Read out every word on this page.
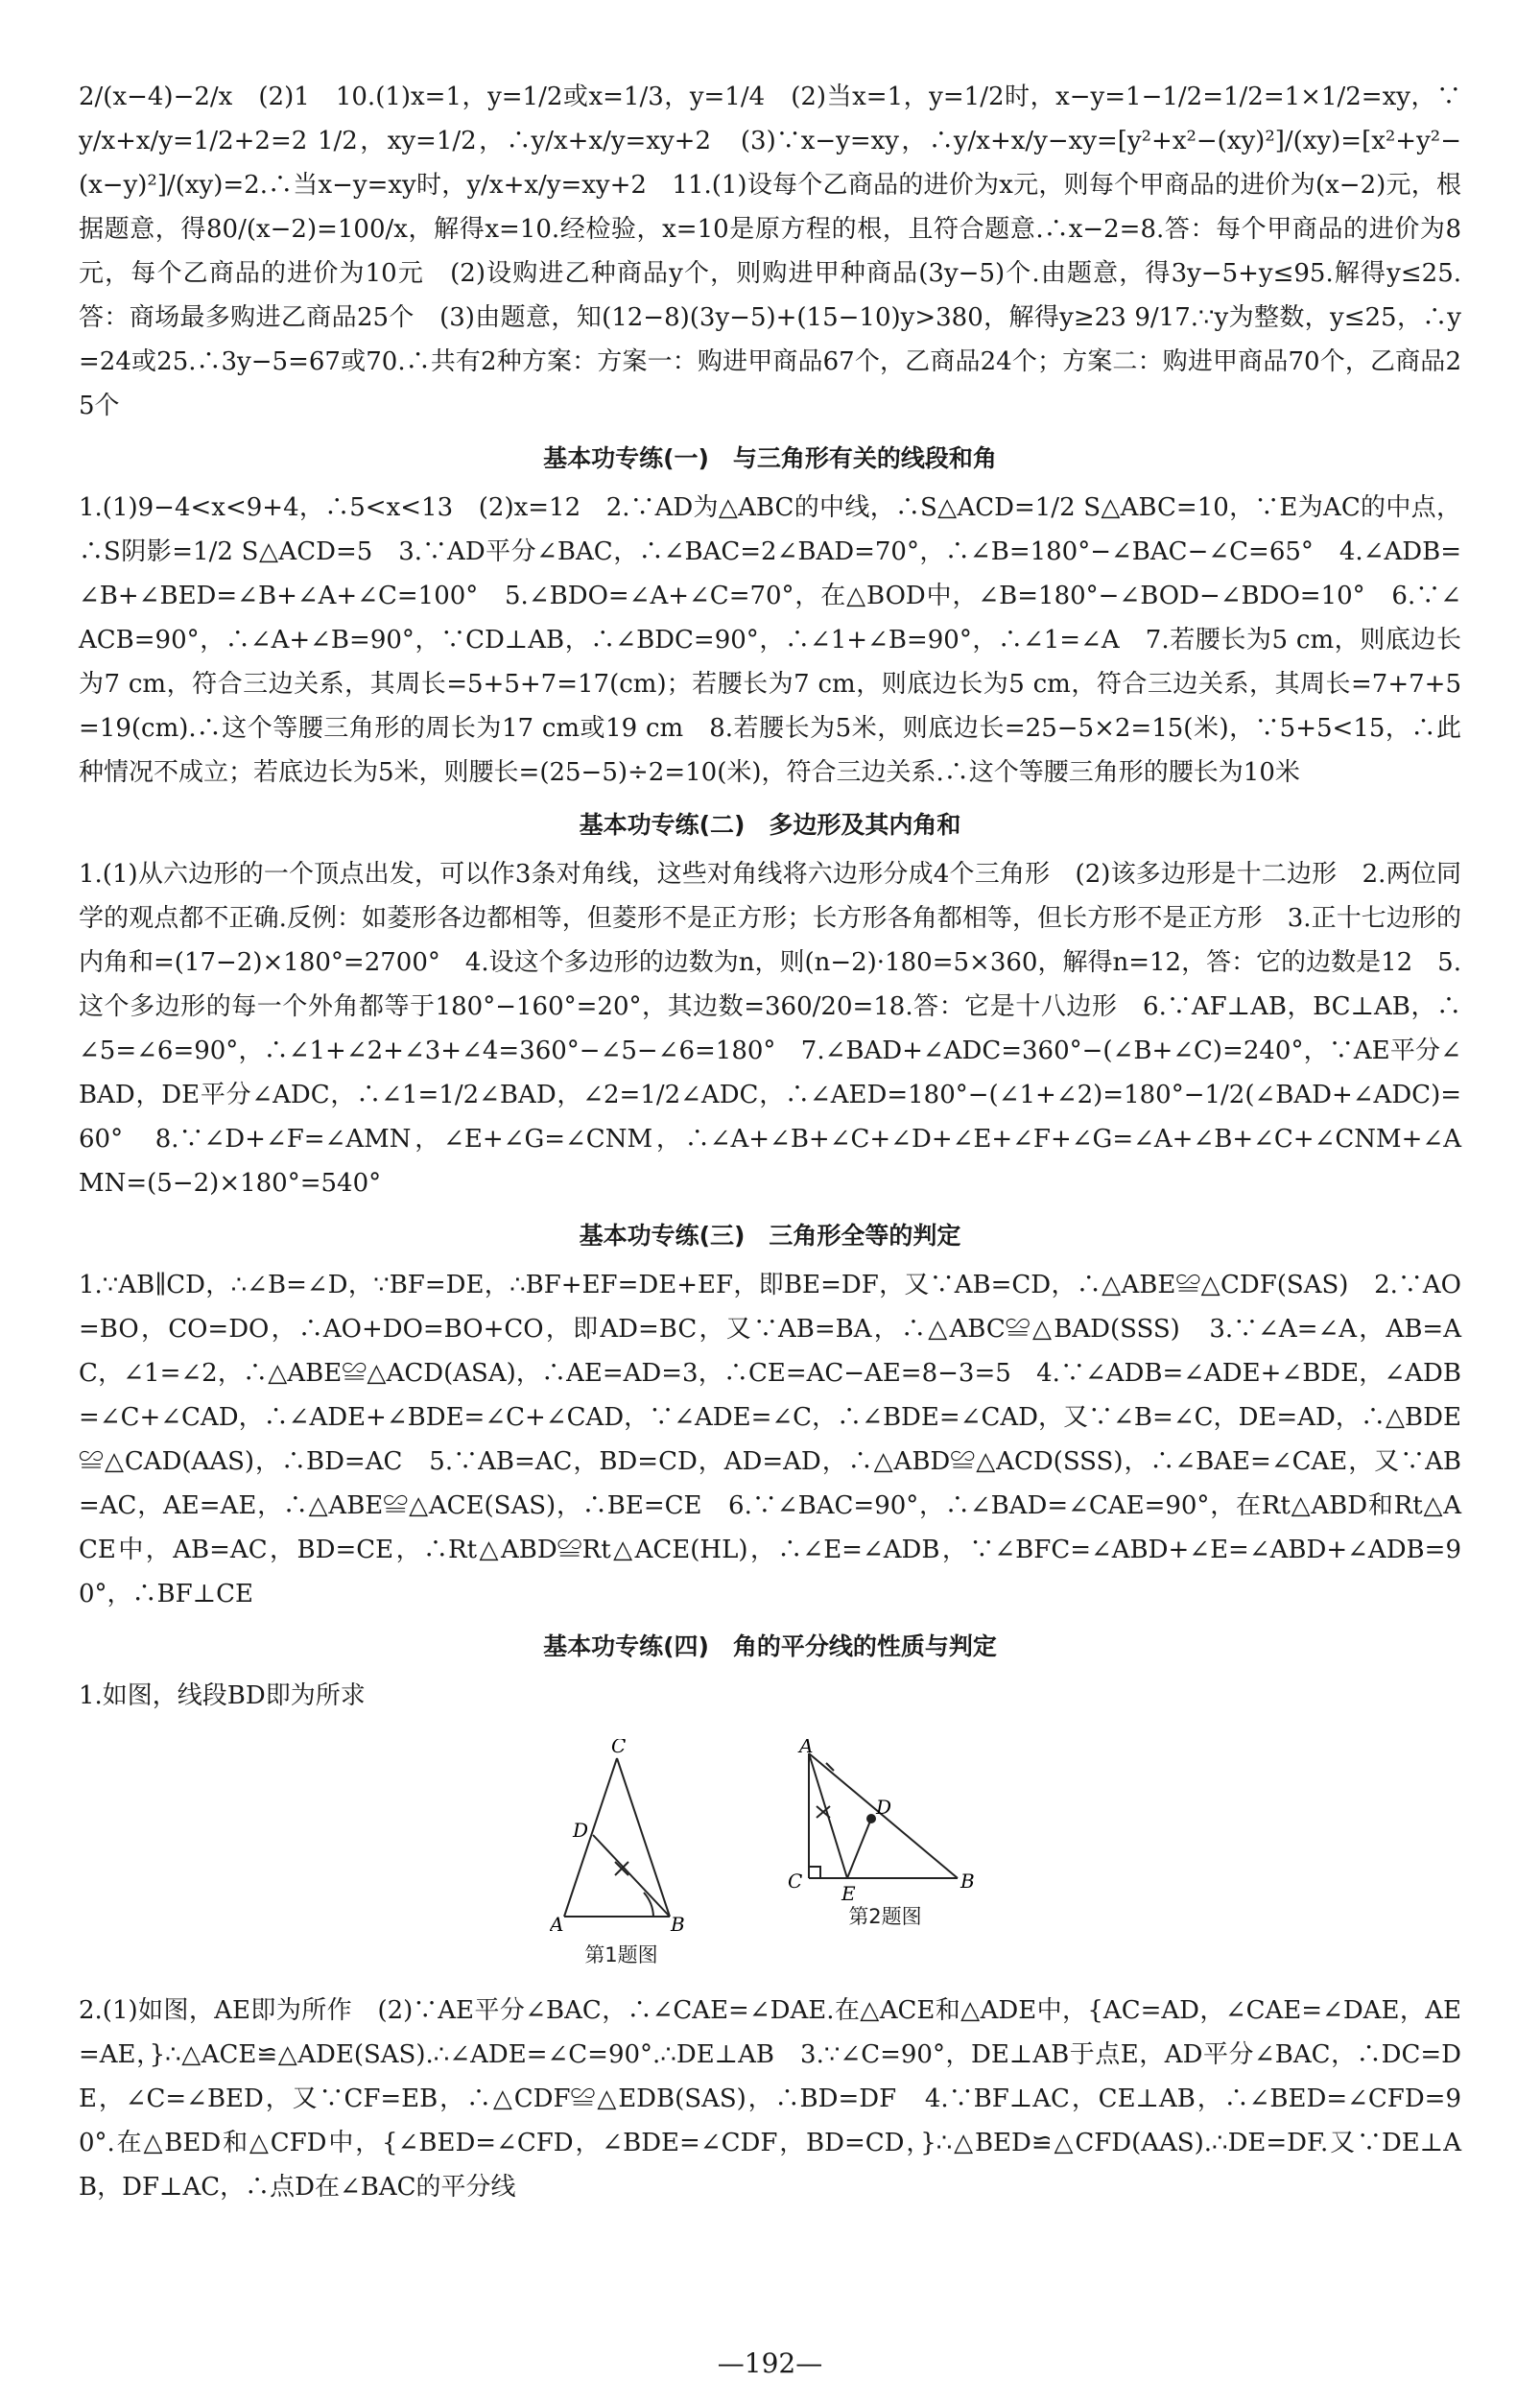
2/(x−4)−2/x　(2)1　10.(1)x=1，y=1/2或x=1/3，y=1/4　(2)当x=1，y=1/2时，x−y=1−1/2=1/2=1×1/2=xy，∵y/x+x/y=1/2+2=2 1/2，xy=1/2，∴y/x+x/y=xy+2　(3)∵x−y=xy，∴y/x+x/y−xy=[y²+x²−(xy)²]/(xy)=[x²+y²−(x−y)²]/(xy)=2.∴当x−y=xy时，y/x+x/y=xy+2　11.(1)设每个乙商品的进价为x元，则每个甲商品的进价为(x−2)元，根据题意，得80/(x−2)=100/x，解得x=10.经检验，x=10是原方程的根，且符合题意.∴x−2=8.答：每个甲商品的进价为8元，每个乙商品的进价为10元　(2)设购进乙种商品y个，则购进甲种商品(3y−5)个.由题意，得3y−5+y≤95.解得y≤25.答：商场最多购进乙商品25个　(3)由题意，知(12−8)(3y−5)+(15−10)y>380，解得y≥23 9/17.∵y为整数，y≤25，∴y=24或25.∴3y−5=67或70.∴共有2种方案：方案一：购进甲商品67个，乙商品24个；方案二：购进甲商品70个，乙商品25个

基本功专练(一)　与三角形有关的线段和角

1.(1)9−4<x<9+4，∴5<x<13　(2)x=12　2.∵AD为△ABC的中线，∴S△ACD=1/2 S△ABC=10，∵E为AC的中点，∴S阴影=1/2 S△ACD=5　3.∵AD平分∠BAC，∴∠BAC=2∠BAD=70°，∴∠B=180°−∠BAC−∠C=65°　4.∠ADB=∠B+∠BED=∠B+∠A+∠C=100°　5.∠BDO=∠A+∠C=70°，在△BOD中，∠B=180°−∠BOD−∠BDO=10°　6.∵∠ACB=90°，∴∠A+∠B=90°，∵CD⊥AB，∴∠BDC=90°，∴∠1+∠B=90°，∴∠1=∠A　7.若腰长为5 cm，则底边长为7 cm，符合三边关系，其周长=5+5+7=17(cm)；若腰长为7 cm，则底边长为5 cm，符合三边关系，其周长=7+7+5=19(cm).∴这个等腰三角形的周长为17 cm或19 cm　8.若腰长为5米，则底边长=25−5×2=15(米)，∵5+5<15，∴此种情况不成立；若底边长为5米，则腰长=(25−5)÷2=10(米)，符合三边关系.∴这个等腰三角形的腰长为10米

基本功专练(二)　多边形及其内角和

1.(1)从六边形的一个顶点出发，可以作3条对角线，这些对角线将六边形分成4个三角形　(2)该多边形是十二边形　2.两位同学的观点都不正确.反例：如菱形各边都相等，但菱形不是正方形；长方形各角都相等，但长方形不是正方形　3.正十七边形的内角和=(17−2)×180°=2700°　4.设这个多边形的边数为n，则(n−2)·180=5×360，解得n=12，答：它的边数是12　5.这个多边形的每一个外角都等于180°−160°=20°，其边数=360/20=18.答：它是十八边形　6.∵AF⊥AB，BC⊥AB，∴∠5=∠6=90°，∴∠1+∠2+∠3+∠4=360°−∠5−∠6=180°　7.∠BAD+∠ADC=360°−(∠B+∠C)=240°，∵AE平分∠BAD，DE平分∠ADC，∴∠1=1/2∠BAD，∠2=1/2∠ADC，∴∠AED=180°−(∠1+∠2)=180°−1/2(∠BAD+∠ADC)=60°　8.∵∠D+∠F=∠AMN，∠E+∠G=∠CNM，∴∠A+∠B+∠C+∠D+∠E+∠F+∠G=∠A+∠B+∠C+∠CNM+∠AMN=(5−2)×180°=540°

基本功专练(三)　三角形全等的判定

1.∵AB∥CD，∴∠B=∠D，∵BF=DE，∴BF+EF=DE+EF，即BE=DF，又∵AB=CD，∴△ABE≌△CDF(SAS)　2.∵AO=BO，CO=DO，∴AO+DO=BO+CO，即AD=BC，又∵AB=BA，∴△ABC≌△BAD(SSS)　3.∵∠A=∠A，AB=AC，∠1=∠2，∴△ABE≌△ACD(ASA)，∴AE=AD=3，∴CE=AC−AE=8−3=5　4.∵∠ADB=∠ADE+∠BDE，∠ADB=∠C+∠CAD，∴∠ADE+∠BDE=∠C+∠CAD，∵∠ADE=∠C，∴∠BDE=∠CAD，又∵∠B=∠C，DE=AD，∴△BDE≌△CAD(AAS)，∴BD=AC　5.∵AB=AC，BD=CD，AD=AD，∴△ABD≌△ACD(SSS)，∴∠BAE=∠CAE，又∵AB=AC，AE=AE，∴△ABE≌△ACE(SAS)，∴BE=CE　6.∵∠BAC=90°，∴∠BAD=∠CAE=90°，在Rt△ABD和Rt△ACE中，AB=AC，BD=CE，∴Rt△ABD≌Rt△ACE(HL)，∴∠E=∠ADB，∵∠BFC=∠ABD+∠E=∠ABD+∠ADB=90°，∴BF⊥CE

基本功专练(四)　角的平分线的性质与判定

1.如图，线段BD即为所求

C
A	B
D
第1题图
A
C
E
B
D
第2题图

2.(1)如图，AE即为所作　(2)∵AE平分∠BAC，∴∠CAE=∠DAE.在△ACE和△ADE中，{AC=AD，∠CAE=∠DAE，AE=AE，}∴△ACE≌△ADE(SAS).∴∠ADE=∠C=90°.∴DE⊥AB　3.∵∠C=90°，DE⊥AB于点E，AD平分∠BAC，∴DC=DE，∠C=∠BED，又∵CF=EB，∴△CDF≌△EDB(SAS)，∴BD=DF　4.∵BF⊥AC，CE⊥AB，∴∠BED=∠CFD=90°.在△BED和△CFD中，{∠BED=∠CFD，∠BDE=∠CDF，BD=CD，}∴△BED≌△CFD(AAS).∴DE=DF.又∵DE⊥AB，DF⊥AC，∴点D在∠BAC的平分线

—192—
